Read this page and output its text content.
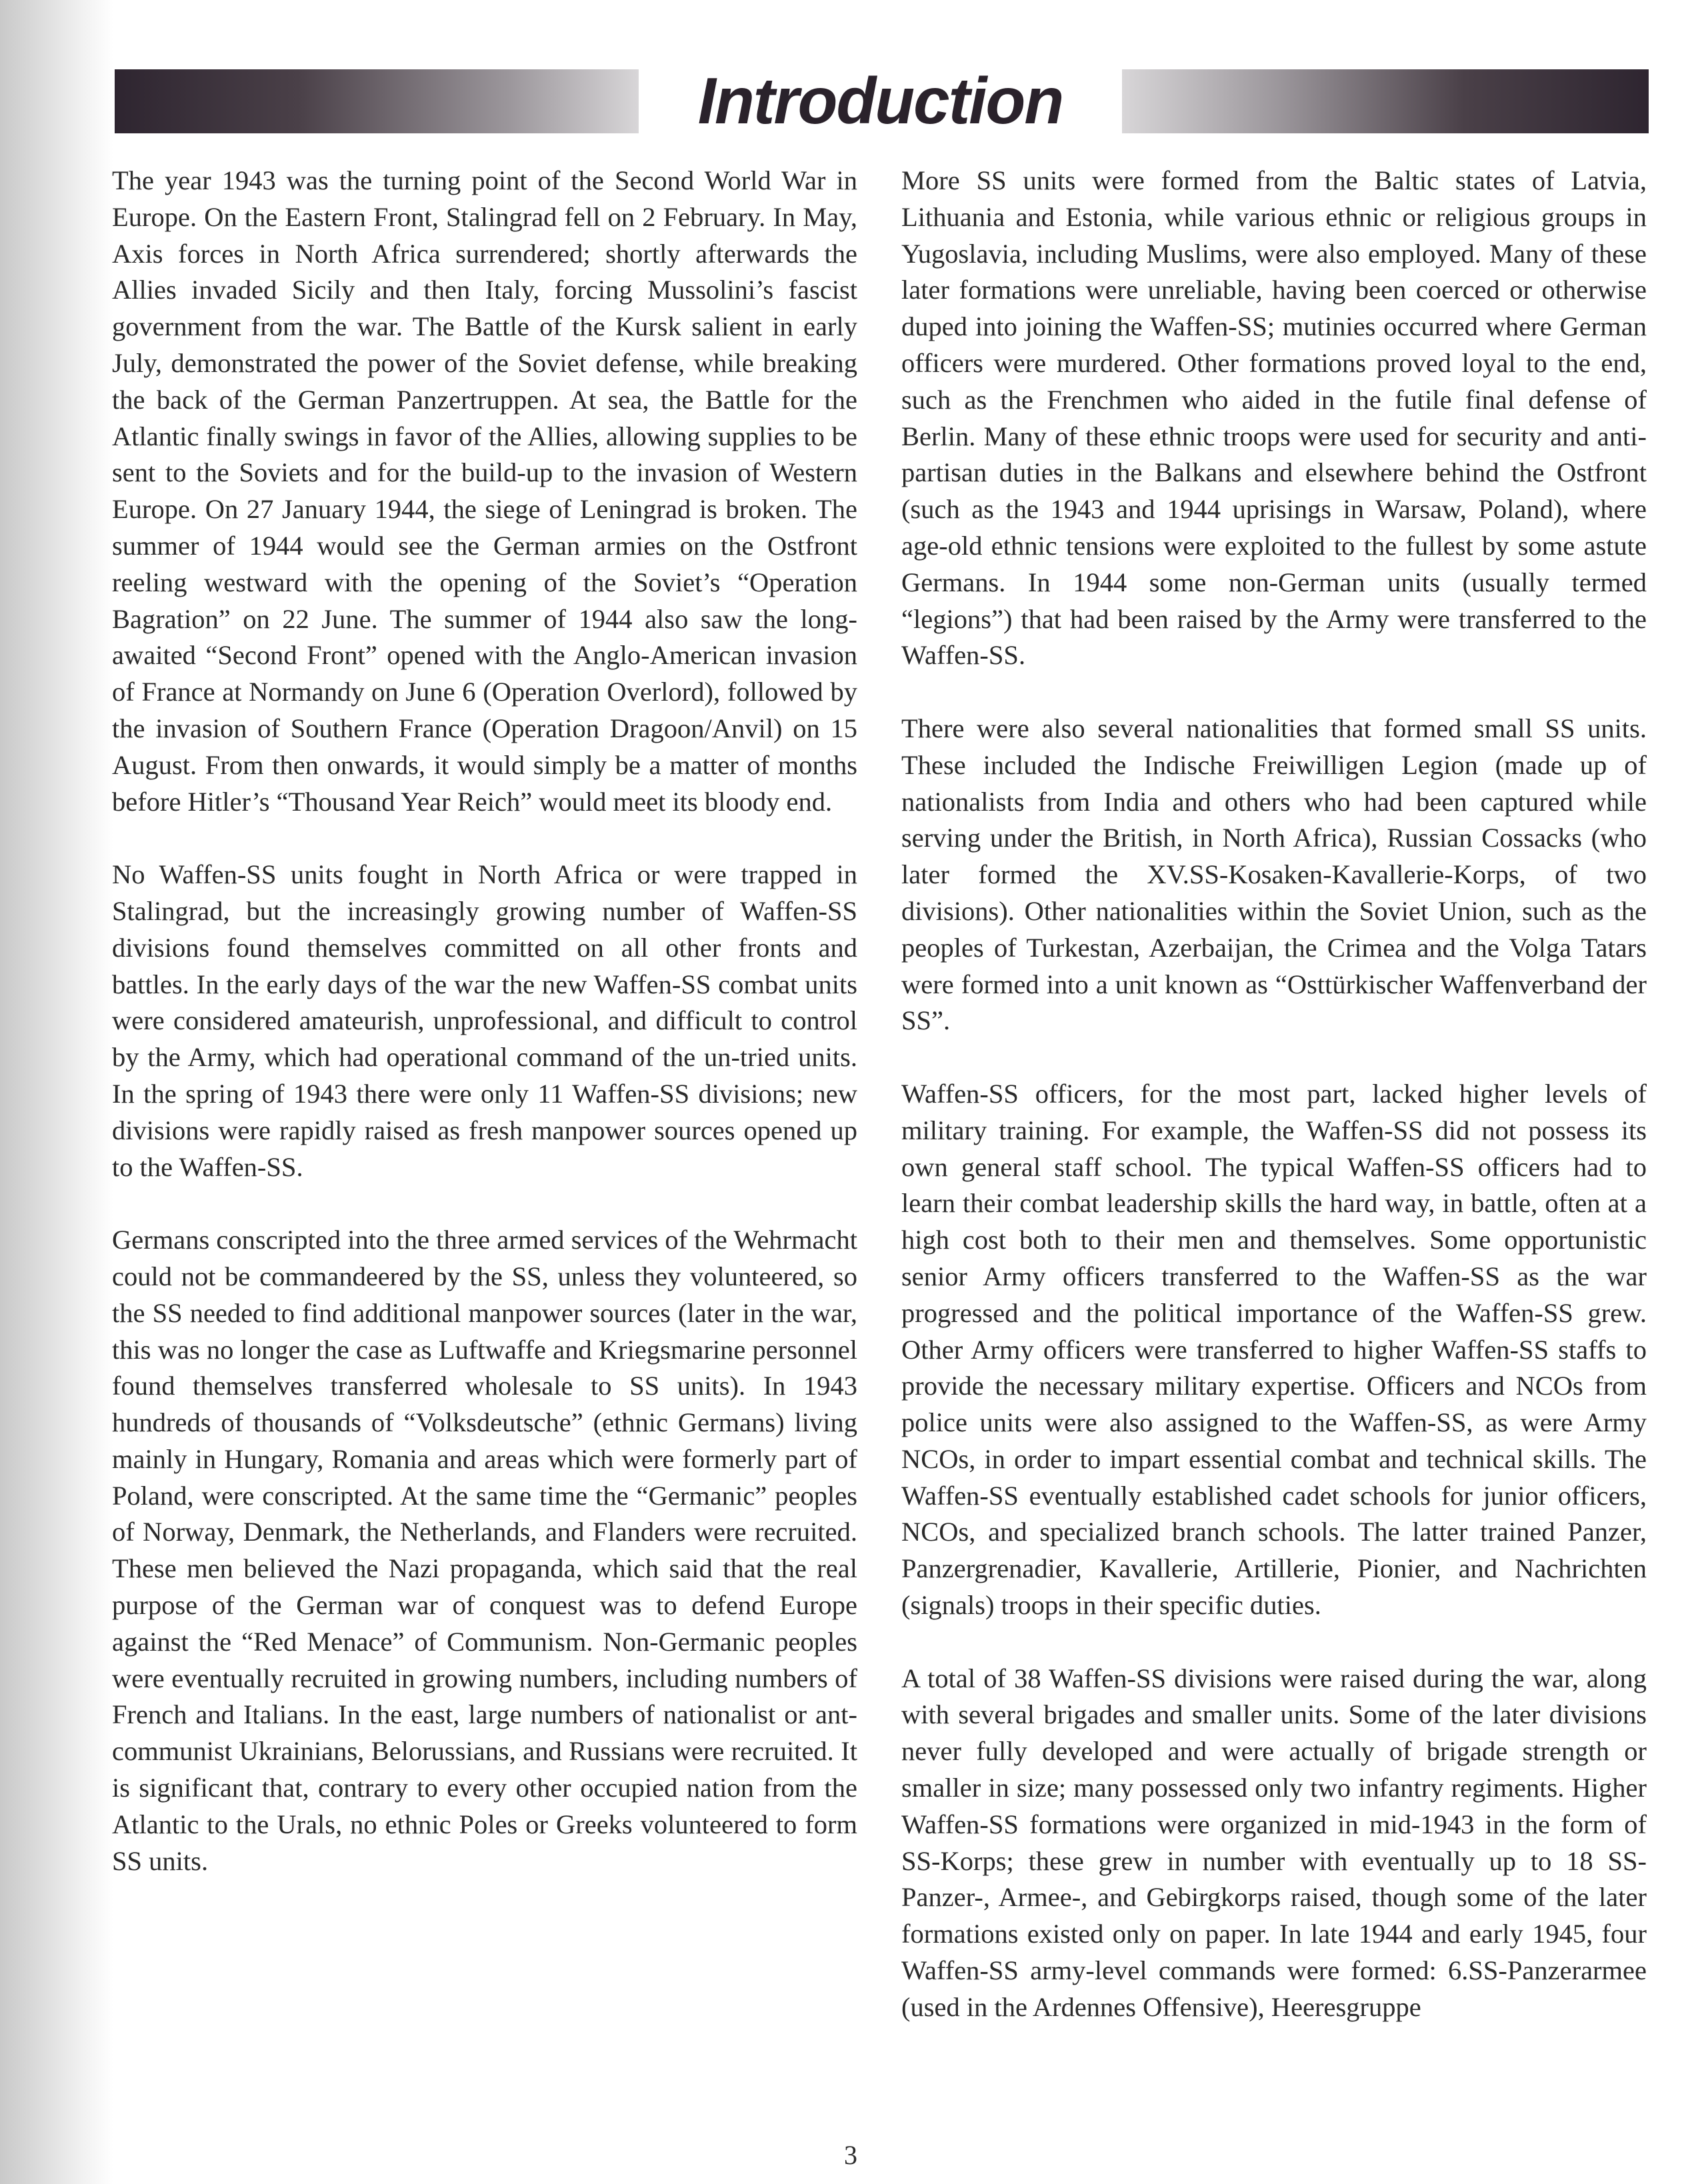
Introduction

The year 1943 was the turning point of the Second World War in Europe. On the Eastern Front, Stalingrad fell on 2 February. In May, Axis forces in North Africa surrendered; shortly afterwards the Allies invaded Sicily and then Italy, forcing Mussolini’s fascist government from the war. The Battle of the Kursk salient in early July, demonstrated the power of the Soviet defense, while breaking the back of the German Panzertruppen. At sea, the Battle for the Atlantic finally swings in favor of the Allies, allowing supplies to be sent to the Soviets and for the build-up to the invasion of Western Europe. On 27 January 1944, the siege of Leningrad is broken. The summer of 1944 would see the German armies on the Ostfront reeling westward with the opening of the Soviet’s “Operation Bagration” on 22 June. The summer of 1944 also saw the long-awaited “Second Front” opened with the Anglo-American invasion of France at Normandy on June 6 (Operation Overlord), followed by the invasion of Southern France (Operation Dragoon/Anvil) on 15 August. From then onwards, it would simply be a matter of months before Hitler’s “Thousand Year Reich” would meet its bloody end.

No Waffen-SS units fought in North Africa or were trapped in Stalingrad, but the increasingly growing number of Waffen-SS divisions found themselves committed on all other fronts and battles. In the early days of the war the new Waffen-SS combat units were considered amateurish, unprofessional, and difficult to control by the Army, which had operational command of the un-tried units. In the spring of 1943 there were only 11 Waffen-SS divisions; new divisions were rapidly raised as fresh manpower sources opened up to the Waffen-SS.

Germans conscripted into the three armed services of the Wehrmacht could not be commandeered by the SS, unless they volunteered, so the SS needed to find additional manpower sources (later in the war, this was no longer the case as Luftwaffe and Kriegsmarine personnel found themselves transferred wholesale to SS units). In 1943 hundreds of thousands of “Volksdeutsche” (ethnic Germans) living mainly in Hungary, Romania and areas which were formerly part of Poland, were conscripted. At the same time the “Germanic” peoples of Norway, Denmark, the Netherlands, and Flanders were recruited. These men believed the Nazi propaganda, which said that the real purpose of the German war of conquest was to defend Europe against the “Red Menace” of Communism. Non-Germanic peoples were eventually recruited in growing numbers, including numbers of French and Italians. In the east, large numbers of nationalist or ant-communist Ukrainians, Belorussians, and Russians were recruited. It is significant that, contrary to every other occupied nation from the Atlantic to the Urals, no ethnic Poles or Greeks volunteered to form SS units.

More SS units were formed from the Baltic states of Latvia, Lithuania and Estonia, while various ethnic or religious groups in Yugoslavia, including Muslims, were also employed. Many of these later formations were unreliable, having been coerced or otherwise duped into joining the Waffen-SS; mutinies occurred where German officers were murdered. Other formations proved loyal to the end, such as the Frenchmen who aided in the futile final defense of Berlin. Many of these ethnic troops were used for security and anti-partisan duties in the Balkans and elsewhere behind the Ostfront (such as the 1943 and 1944 uprisings in Warsaw, Poland), where age-old ethnic tensions were exploited to the fullest by some astute Germans. In 1944 some non-German units (usually termed “legions”) that had been raised by the Army were transferred to the Waffen-SS.

There were also several nationalities that formed small SS units. These included the Indische Freiwilligen Legion (made up of nationalists from India and others who had been captured while serving under the British, in North Africa), Russian Cossacks (who later formed the XV.SS-Kosaken-Kavallerie-Korps, of two divisions). Other nationalities within the Soviet Union, such as the peoples of Turkestan, Azerbaijan, the Crimea and the Volga Tatars were formed into a unit known as “Osttürkischer Waffenverband der SS”.

Waffen-SS officers, for the most part, lacked higher levels of military training. For example, the Waffen-SS did not possess its own general staff school. The typical Waffen-SS officers had to learn their combat leadership skills the hard way, in battle, often at a high cost both to their men and themselves. Some opportunistic senior Army officers transferred to the Waffen-SS as the war progressed and the political importance of the Waffen-SS grew. Other Army officers were transferred to higher Waffen-SS staffs to provide the necessary military expertise. Officers and NCOs from police units were also assigned to the Waffen-SS, as were Army NCOs, in order to impart essential combat and technical skills. The Waffen-SS eventually established cadet schools for junior officers, NCOs, and specialized branch schools. The latter trained Panzer, Panzergrenadier, Kavallerie, Artillerie, Pionier, and Nachrichten (signals) troops in their specific duties.

A total of 38 Waffen-SS divisions were raised during the war, along with several brigades and smaller units. Some of the later divisions never fully developed and were actually of brigade strength or smaller in size; many possessed only two infantry regiments. Higher Waffen-SS formations were organized in mid-1943 in the form of SS-Korps; these grew in number with eventually up to 18 SS-Panzer-, Armee-, and Gebirgkorps raised, though some of the later formations existed only on paper. In late 1944 and early 1945, four Waffen-SS army-level commands were formed: 6.SS-Panzerarmee (used in the Ardennes Offensive), Heeresgruppe

3
